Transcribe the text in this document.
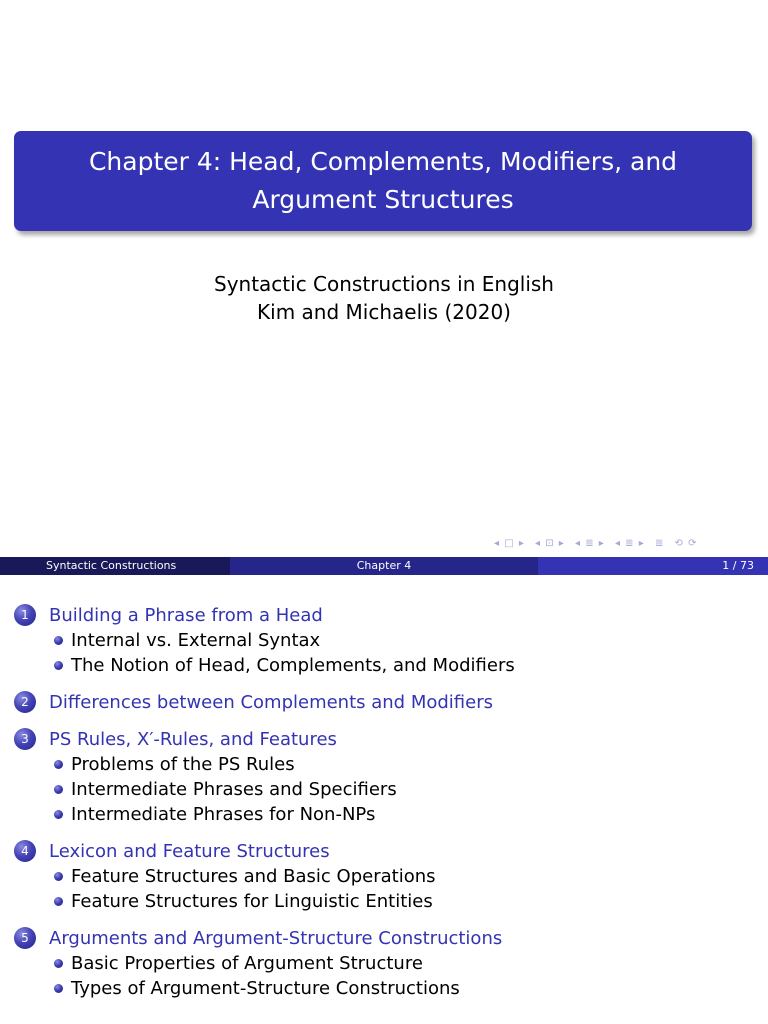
Chapter 4: Head, Complements, Modifiers, and Argument Structures
Syntactic Constructions in English
Kim and Michaelis (2020)
◂ □ ▸ ◂ ⊡ ▸ ◂ ≣ ▸ ◂ ≣ ▸ ≣ ⟲ ⟳
Syntactic Constructions	Chapter 4	1 / 73
1	Building a Phrase from a Head
Internal vs. External Syntax
The Notion of Head, Complements, and Modifiers
2	Differences between Complements and Modifiers
3	PS Rules, X′-Rules, and Features
Problems of the PS Rules
Intermediate Phrases and Specifiers
Intermediate Phrases for Non-NPs
4	Lexicon and Feature Structures
Feature Structures and Basic Operations
Feature Structures for Linguistic Entities
5	Arguments and Argument-Structure Constructions
Basic Properties of Argument Structure
Types of Argument-Structure Constructions
